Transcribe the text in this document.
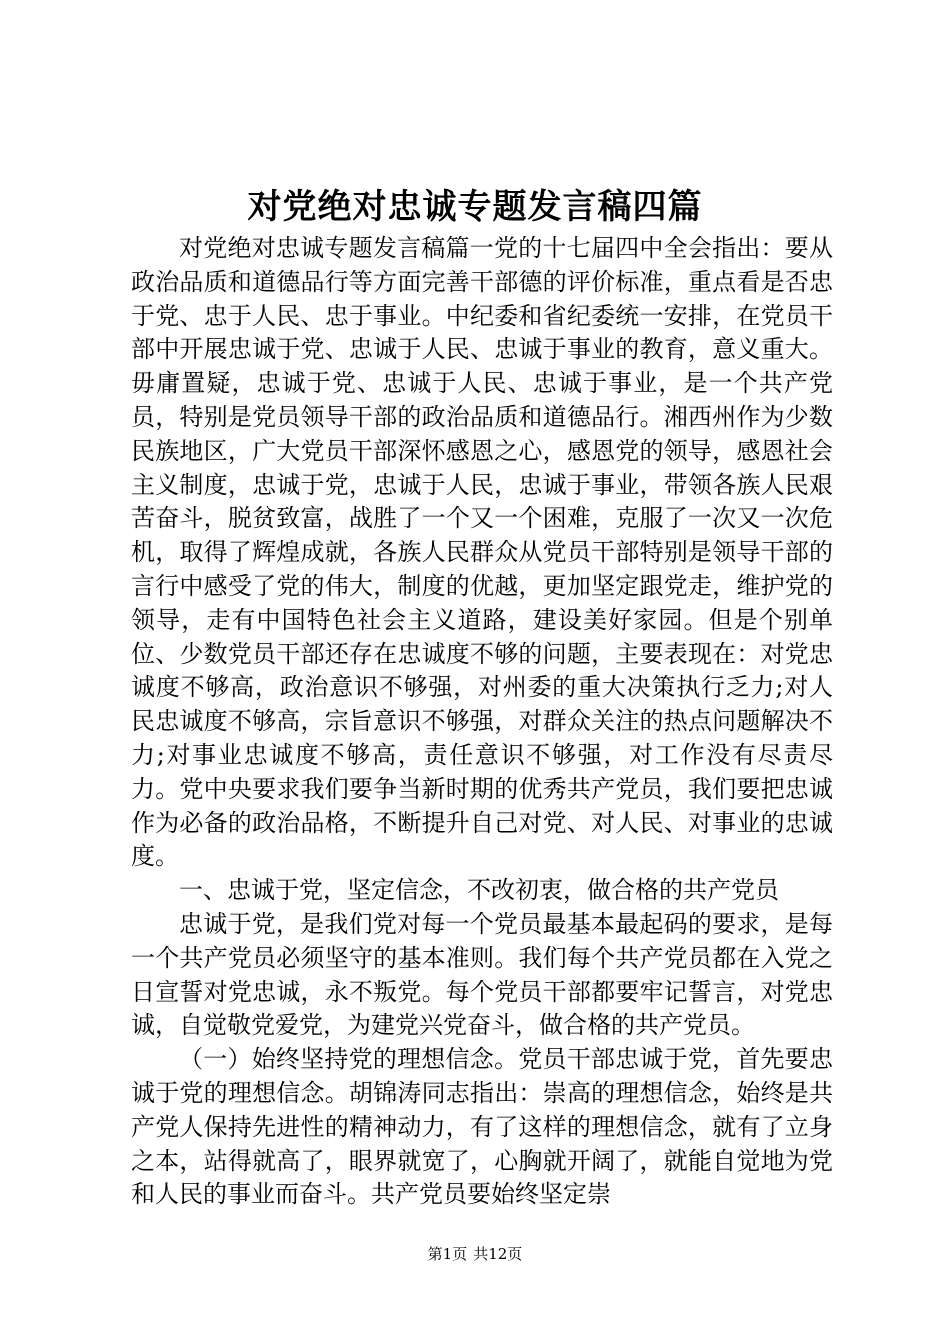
对党绝对忠诚专题发言稿四篇

对党绝对忠诚专题发言稿篇一党的十七届四中全会指出：要从政治品质和道德品行等方面完善干部德的评价标准，重点看是否忠于党、忠于人民、忠于事业。中纪委和省纪委统一安排，在党员干部中开展忠诚于党、忠诚于人民、忠诚于事业的教育，意义重大。毋庸置疑，忠诚于党、忠诚于人民、忠诚于事业，是一个共产党员，特别是党员领导干部的政治品质和道德品行。湘西州作为少数民族地区，广大党员干部深怀感恩之心，感恩党的领导，感恩社会主义制度，忠诚于党，忠诚于人民，忠诚于事业，带领各族人民艰苦奋斗，脱贫致富，战胜了一个又一个困难，克服了一次又一次危机，取得了辉煌成就，各族人民群众从党员干部特别是领导干部的言行中感受了党的伟大，制度的优越，更加坚定跟党走，维护党的领导，走有中国特色社会主义道路，建设美好家园。但是个别单位、少数党员干部还存在忠诚度不够的问题，主要表现在：对党忠诚度不够高，政治意识不够强，对州委的重大决策执行乏力;对人民忠诚度不够高，宗旨意识不够强，对群众关注的热点问题解决不力;对事业忠诚度不够高，责任意识不够强，对工作没有尽责尽力。党中央要求我们要争当新时期的优秀共产党员，我们要把忠诚作为必备的政治品格，不断提升自己对党、对人民、对事业的忠诚度。

一、忠诚于党，坚定信念，不改初衷，做合格的共产党员

忠诚于党，是我们党对每一个党员最基本最起码的要求，是每一个共产党员必须坚守的基本准则。我们每个共产党员都在入党之日宣誓对党忠诚，永不叛党。每个党员干部都要牢记誓言，对党忠诚，自觉敬党爱党，为建党兴党奋斗，做合格的共产党员。

（一）始终坚持党的理想信念。党员干部忠诚于党，首先要忠诚于党的理想信念。胡锦涛同志指出：崇高的理想信念，始终是共产党人保持先进性的精神动力，有了这样的理想信念，就有了立身之本，站得就高了，眼界就宽了，心胸就开阔了，就能自觉地为党和人民的事业而奋斗。共产党员要始终坚定崇

第1页 共12页
